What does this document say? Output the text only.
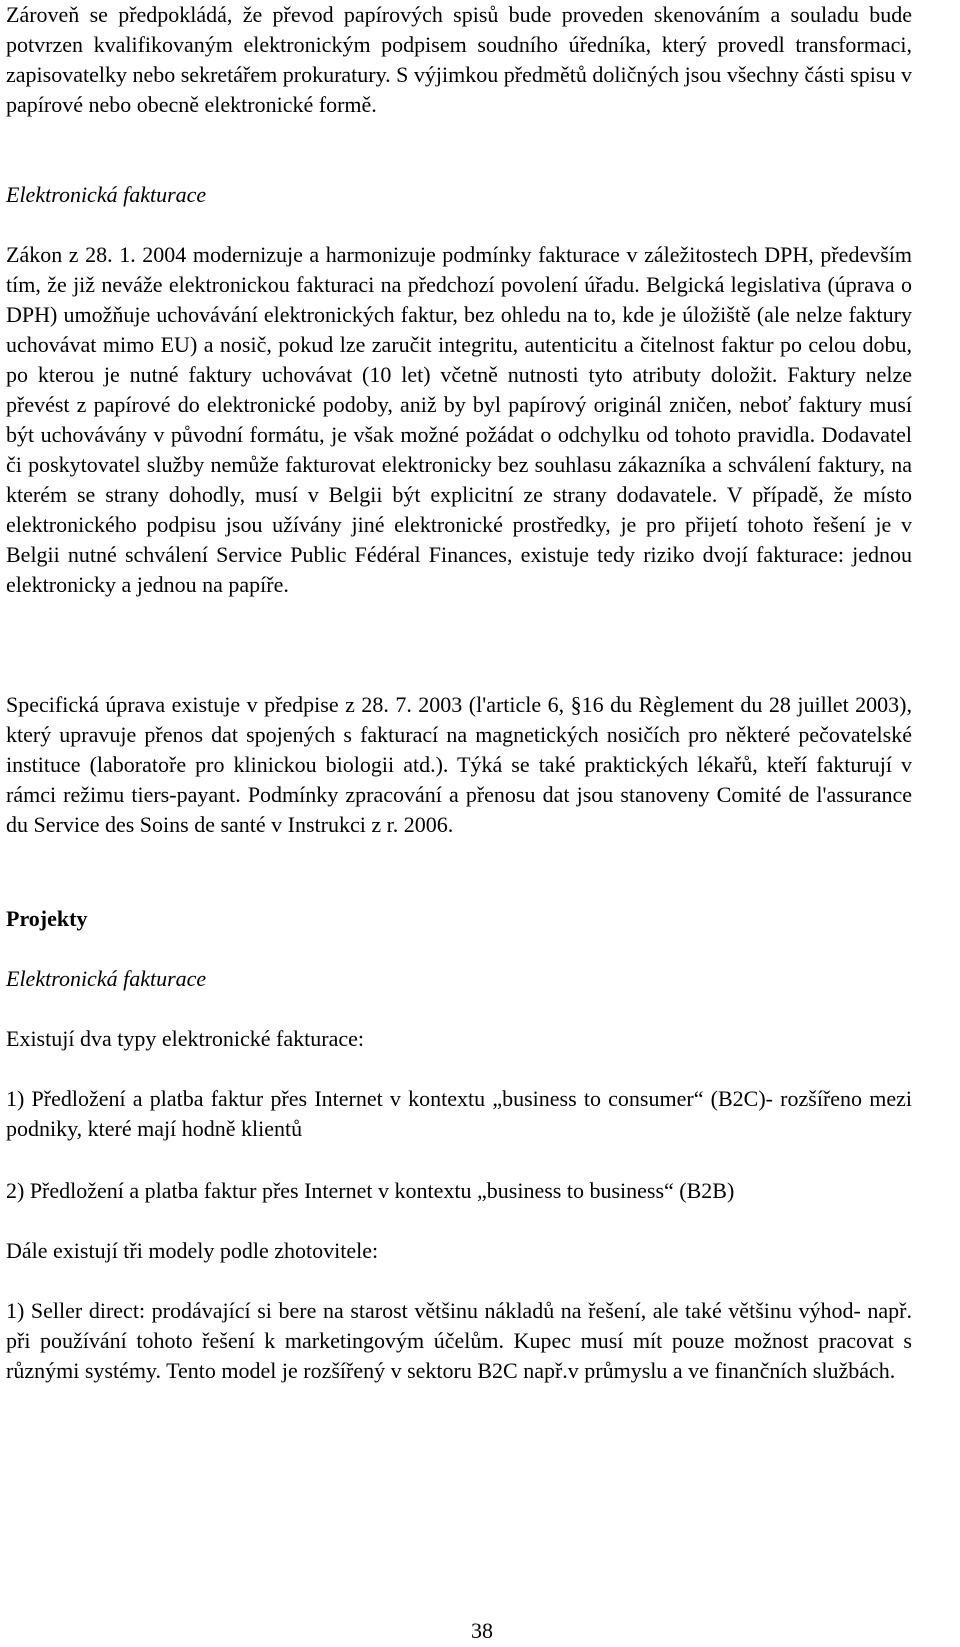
Zároveň se předpokládá, že převod papírových spisů bude proveden skenováním a souladu bude potvrzen kvalifikovaným elektronickým podpisem soudního úředníka, který provedl transformaci, zapisovatelky nebo sekretářem prokuratury. S výjimkou předmětů doličných jsou všechny části spisu v papírové nebo obecně elektronické formě.

Elektronická fakturace

Zákon z 28. 1. 2004 modernizuje a harmonizuje podmínky fakturace v záležitostech DPH, především tím, že již neváže elektronickou fakturaci na předchozí povolení úřadu. Belgická legislativa (úprava o DPH) umožňuje uchovávání elektronických faktur, bez ohledu na to, kde je úložiště (ale nelze faktury uchovávat mimo EU) a nosič, pokud lze zaručit integritu, autenticitu a čitelnost faktur po celou dobu, po kterou je nutné faktury uchovávat (10 let) včetně nutnosti tyto atributy doložit. Faktury nelze převést z papírové do elektronické podoby, aniž by byl papírový originál zničen, neboť faktury musí být uchovávány v původní formátu, je však možné požádat o odchylku od tohoto pravidla. Dodavatel či poskytovatel služby nemůže fakturovat elektronicky bez souhlasu zákazníka a schválení faktury, na kterém se strany dohodly, musí v Belgii být explicitní ze strany dodavatele. V případě, že místo elektronického podpisu jsou užívány jiné elektronické prostředky, je pro přijetí tohoto řešení je v Belgii nutné schválení Service Public Fédéral Finances, existuje tedy riziko dvojí fakturace: jednou elektronicky a jednou na papíře.

Specifická úprava existuje v předpise z 28. 7. 2003 (l'article 6, §16 du Règlement du 28 juillet 2003), který upravuje přenos dat spojených s fakturací na magnetických nosičích pro některé pečovatelské instituce (laboratoře pro klinickou biologii atd.). Týká se také praktických lékařů, kteří fakturují v rámci režimu tiers-payant. Podmínky zpracování a přenosu dat jsou stanoveny Comité de l'assurance du Service des Soins de santé v Instrukci z r. 2006.

Projekty

Elektronická fakturace

Existují dva typy elektronické fakturace:

1) Předložení a platba faktur přes Internet v kontextu „business to consumer“ (B2C)- rozšířeno mezi podniky, které mají hodně klientů

2) Předložení a platba faktur přes Internet v kontextu „business to business“ (B2B)

Dále existují tři modely podle zhotovitele:

1) Seller direct: prodávající si bere na starost většinu nákladů na řešení, ale také většinu výhod- např. při používání tohoto řešení k marketingovým účelům. Kupec musí mít pouze možnost pracovat s různými systémy. Tento model je rozšířený v sektoru B2C např.v průmyslu a ve finančních službách.

38
